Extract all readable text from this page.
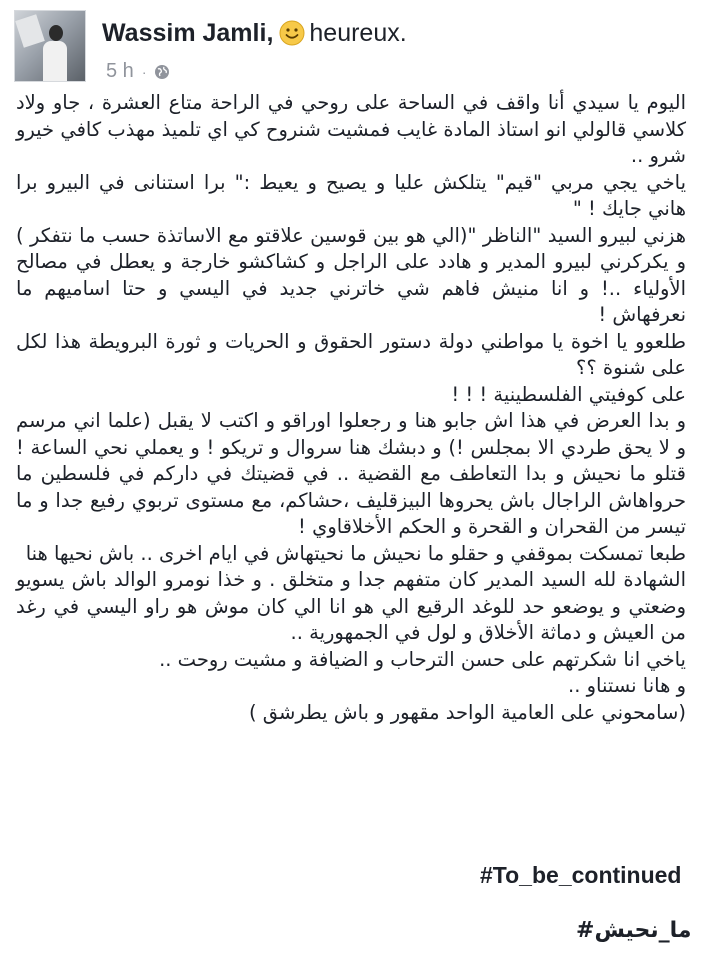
Wassim Jamli , heureux.
5 h ·

اليوم يا سيدي أنا واقف في الساحة على روحي في الراحة متاع العشرة ، جاو ولاد كلاسي قالولي انو استاذ المادة غايب فمشيت شنروح كي اي تلميذ مهذب كافي خيرو شرو ..

ياخي يجي مربي "قيم" يتلكش عليا و يصيح و يعيط :" برا استنانى في البيرو برا هاني جايك ! "

هزني لبيرو السيد "الناظر "(الي هو بين قوسين علاقتو مع الاساتذة حسب ما نتفكر ) و يكركرني لبيرو المدير و هادد على الراجل و كشاكشو خارجة و يعطل في مصالح الأولياء ..! و انا منيش فاهم شي خاترني جديد في اليسي و حتا اساميهم ما نعرفهاش !

طلعوو يا اخوة يا مواطني دولة دستور الحقوق و الحريات و ثورة البرويطة هذا لكل على شنوة ؟؟

على كوفيتي الفلسطينية ! ! !

و بدا العرض في هذا اش جابو هنا و رجعلوا اوراقو و اكتب لا يقبل (علما اني مرسم و لا يحق طردي الا بمجلس !) و دبشك هنا سروال و تريكو ! و يعملي نحي الساعة ! قتلو ما نحيش و بدا التعاطف مع القضية .. في قضيتك في داركم في فلسطين ما حرواهاش الراجال باش يحروها البيزقليف ،حشاكم، مع مستوى تربوي رفيع جدا و ما تيسر من القحران و القحرة و الحكم الأخلاقاوي !

طبعا تمسكت بموقفي و حقلو ما نحيش ما نحيتهاش في ايام اخرى .. باش نحيها هنا

الشهادة لله السيد المدير كان متفهم جدا و متخلق . و خذا نومرو الوالد باش يسويو وضعتي و يوضعو حد للوغد الرقيع الي هو انا الي كان موش هو راو اليسي في رغد من العيش و دماثة الأخلاق و لول في الجمهورية ..

ياخي انا شكرتهم على حسن الترحاب و الضيافة و مشيت روحت ..

و هانا نستناو ..

(سامحوني على العامية الواحد مقهور و باش يطرشق )

#To_be_continued
#ما_نحيش
